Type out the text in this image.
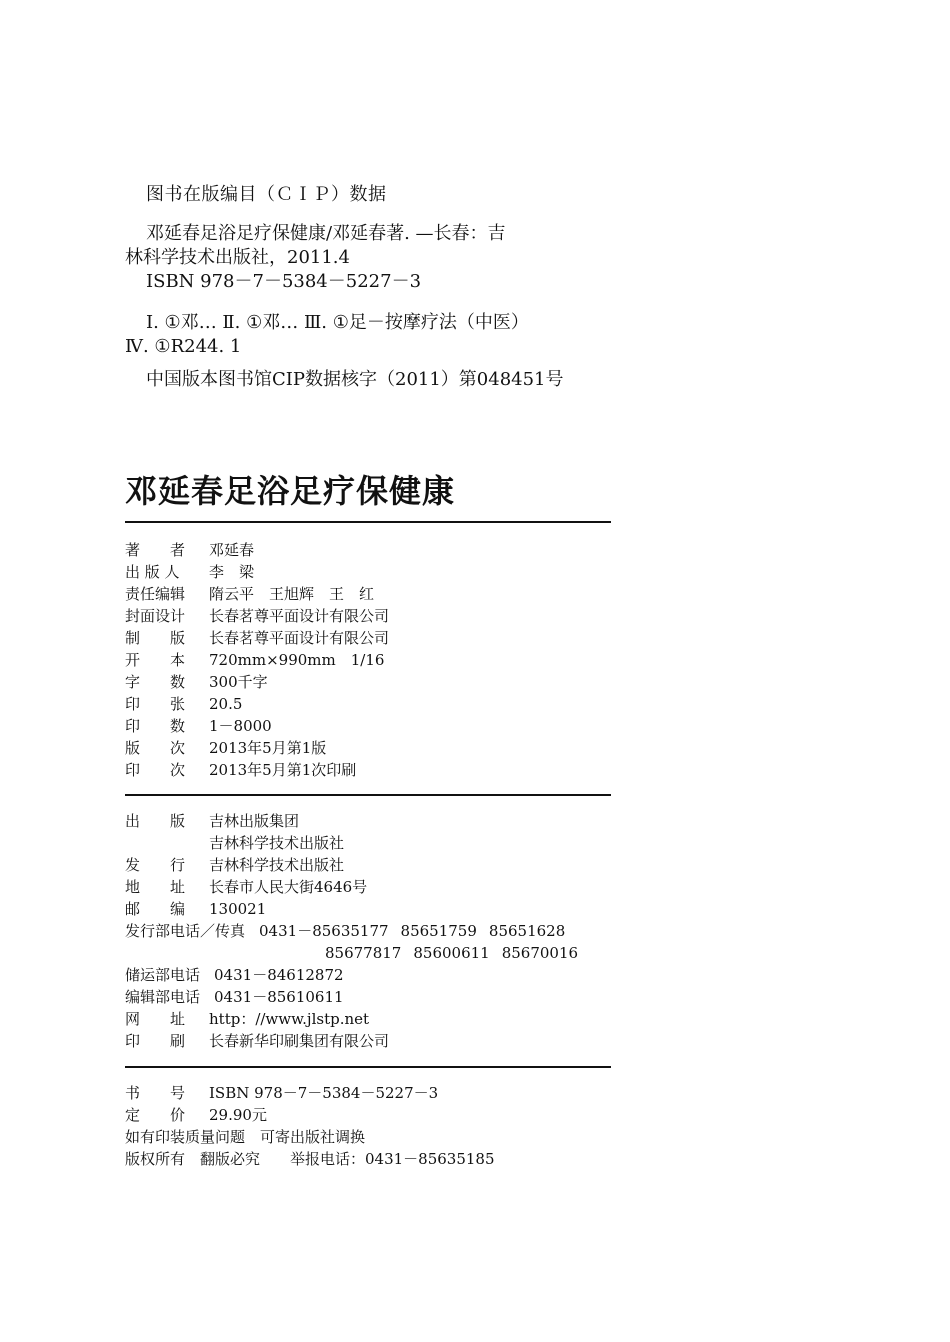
图书在版编目（ＣＩＰ）数据
邓延春足浴足疗保健康/邓延春著. —长春：吉
林科学技术出版社，2011.4
ISBN 978－7－5384－5227－3
Ⅰ. ①邓… Ⅱ. ①邓… Ⅲ. ①足－按摩疗法（中医）
Ⅳ. ①R244. 1
中国版本图书馆CIP数据核字（2011）第048451号
邓延春足浴足疗保健康
著　　者 邓延春
出 版 人 李　梁
责任编辑 隋云平　王旭辉　王　红
封面设计 长春茗尊平面设计有限公司
制　　版 长春茗尊平面设计有限公司
开　　本 720mm×990mm　1/16
字　　数 300千字
印　　张 20.5
印　　数 1－8000
版　　次 2013年5月第1版
印　　次 2013年5月第1次印刷
出　　版 吉林出版集团
吉林科学技术出版社
发　　行 吉林科学技术出版社
地　　址 长春市人民大街4646号
邮　　编 130021
发行部电话／传真 0431－85635177 85651759 85651628
85677817 85600611 85670016
储运部电话 0431－84612872
编辑部电话 0431－85610611
网　　址 http：//www.jlstp.net
印　　刷 长春新华印刷集团有限公司
书　　号 ISBN 978－7－5384－5227－3
定　　价 29.90元
如有印装质量问题　可寄出版社调换
版权所有　翻版必究　　举报电话：0431－85635185
